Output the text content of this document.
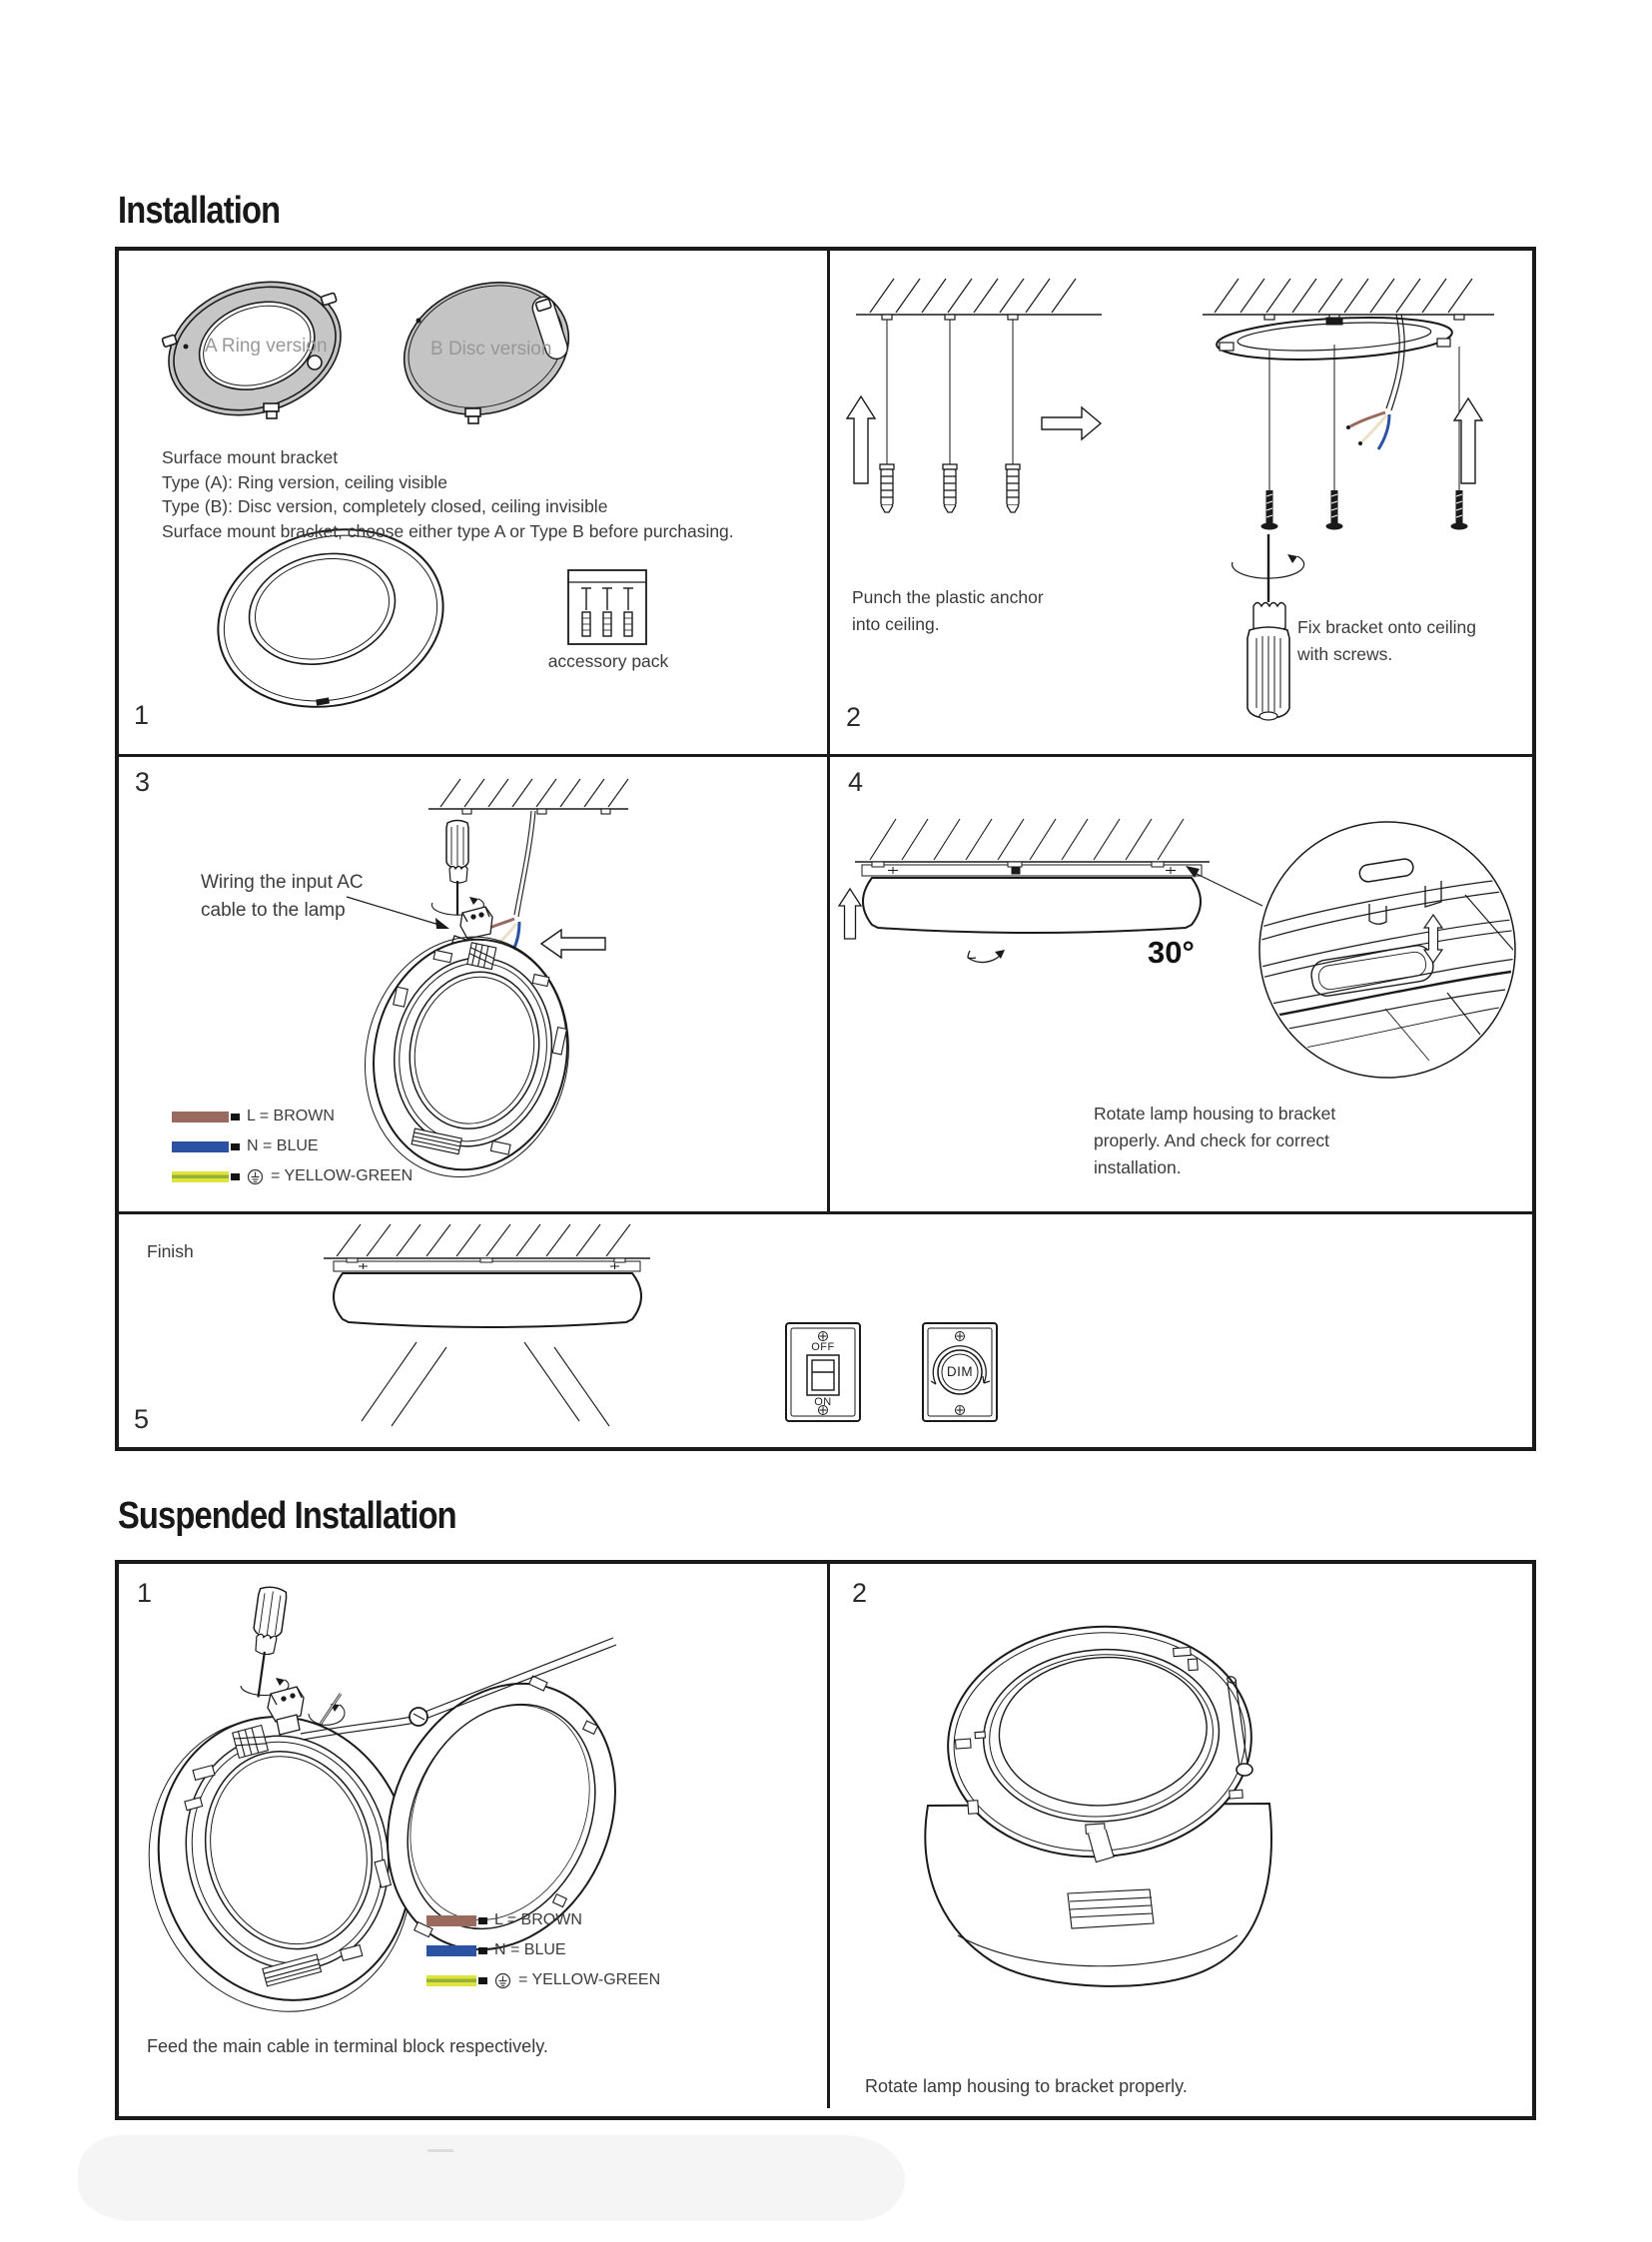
Installation
A Ring version	B Disc version
Surface mount bracket
Type (A): Ring version, ceiling visible
Type (B): Disc version, completely closed, ceiling invisible
Surface mount bracket, choose either type A or Type B before purchasing.
accessory pack
1
Punch the plastic anchor
into ceiling.	Fix bracket onto ceiling
with screws.
2
Wiring the input AC
cable to the lamp
L = BROWN
N = BLUE
= YELLOW-GREEN
3
30°
Rotate lamp housing to bracket
properly. And check for correct
installation.
4
Finish
OFF
ON
DIM
5
Suspended Installation
L = BROWN
N = BLUE
= YELLOW-GREEN
Feed the main cable in terminal block respectively.
1
Rotate lamp housing to bracket properly.
2
